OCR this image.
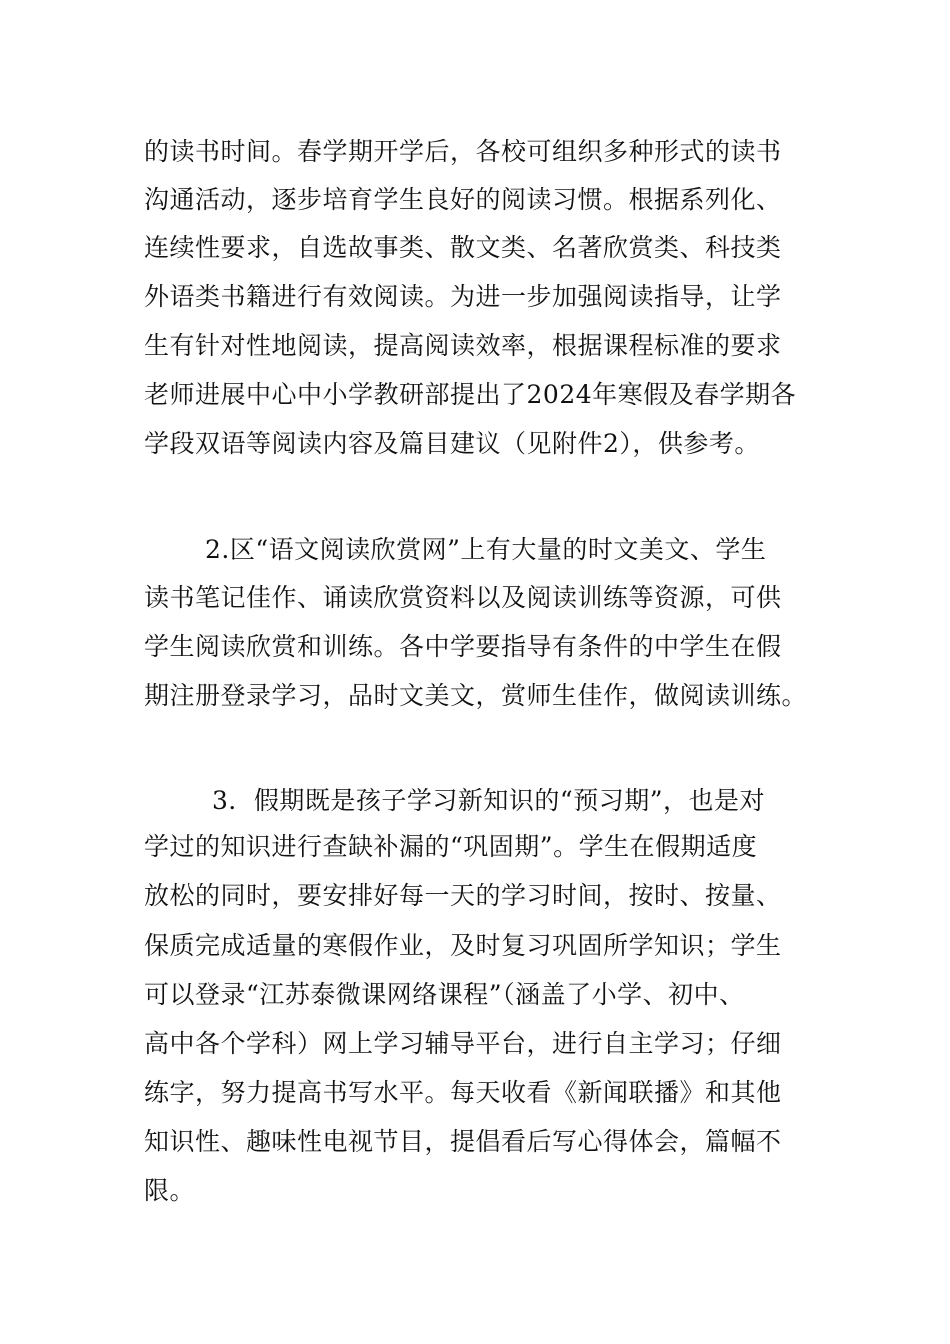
的读书时间。春学期开学后，各校可组织多种形式的读书
沟通活动，逐步培育学生良好的阅读习惯。根据系列化、
连续性要求，自选故事类、散文类、名著欣赏类、科技类
外语类书籍进行有效阅读。为进一步加强阅读指导，让学
生有针对性地阅读，提高阅读效率，根据课程标准的要求
老师进展中心中小学教研部提出了2024年寒假及春学期各
学段双语等阅读内容及篇目建议（见附件2），供参考。
2.区“语文阅读欣赏网”上有大量的时文美文、学生
读书笔记佳作、诵读欣赏资料以及阅读训练等资源，可供
学生阅读欣赏和训练。各中学要指导有条件的中学生在假
期注册登录学习，品时文美文，赏师生佳作，做阅读训练。
3．假期既是孩子学习新知识的“预习期”，也是对
学过的知识进行查缺补漏的“巩固期”。学生在假期适度
放松的同时，要安排好每一天的学习时间，按时、按量、
保质完成适量的寒假作业，及时复习巩固所学知识；学生
可以登录“江苏泰微课网络课程”（涵盖了小学、初中、
高中各个学科）网上学习辅导平台，进行自主学习；仔细
练字，努力提高书写水平。每天收看《新闻联播》和其他
知识性、趣味性电视节目，提倡看后写心得体会，篇幅不
限。
